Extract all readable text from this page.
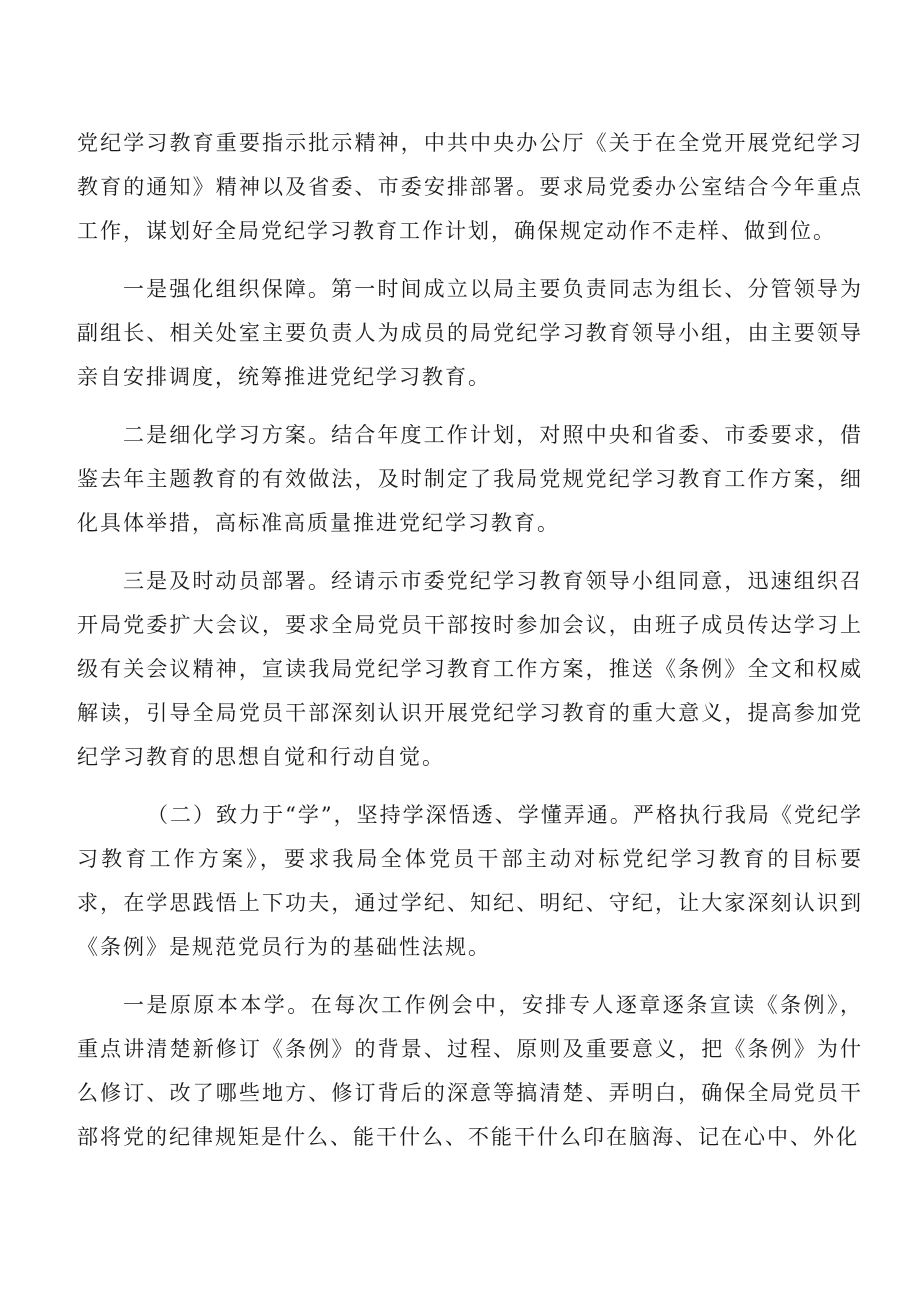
党纪学习教育重要指示批示精神，中共中央办公厅《关于在全党开展党纪学习教育的通知》精神以及省委、市委安排部署。要求局党委办公室结合今年重点工作，谋划好全局党纪学习教育工作计划，确保规定动作不走样、做到位。

一是强化组织保障。第一时间成立以局主要负责同志为组长、分管领导为副组长、相关处室主要负责人为成员的局党纪学习教育领导小组，由主要领导亲自安排调度，统筹推进党纪学习教育。

二是细化学习方案。结合年度工作计划，对照中央和省委、市委要求，借鉴去年主题教育的有效做法，及时制定了我局党规党纪学习教育工作方案，细化具体举措，高标准高质量推进党纪学习教育。

三是及时动员部署。经请示市委党纪学习教育领导小组同意，迅速组织召开局党委扩大会议，要求全局党员干部按时参加会议，由班子成员传达学习上级有关会议精神，宣读我局党纪学习教育工作方案，推送《条例》全文和权威解读，引导全局党员干部深刻认识开展党纪学习教育的重大意义，提高参加党纪学习教育的思想自觉和行动自觉。

（二）致力于“学”，坚持学深悟透、学懂弄通。严格执行我局《党纪学习教育工作方案》，要求我局全体党员干部主动对标党纪学习教育的目标要求，在学思践悟上下功夫，通过学纪、知纪、明纪、守纪，让大家深刻认识到《条例》是规范党员行为的基础性法规。

一是原原本本学。在每次工作例会中，安排专人逐章逐条宣读《条例》，重点讲清楚新修订《条例》的背景、过程、原则及重要意义，把《条例》为什么修订、改了哪些地方、修订背后的深意等搞清楚、弄明白，确保全局党员干部将党的纪律规矩是什么、能干什么、不能干什么印在脑海、记在心中、外化
